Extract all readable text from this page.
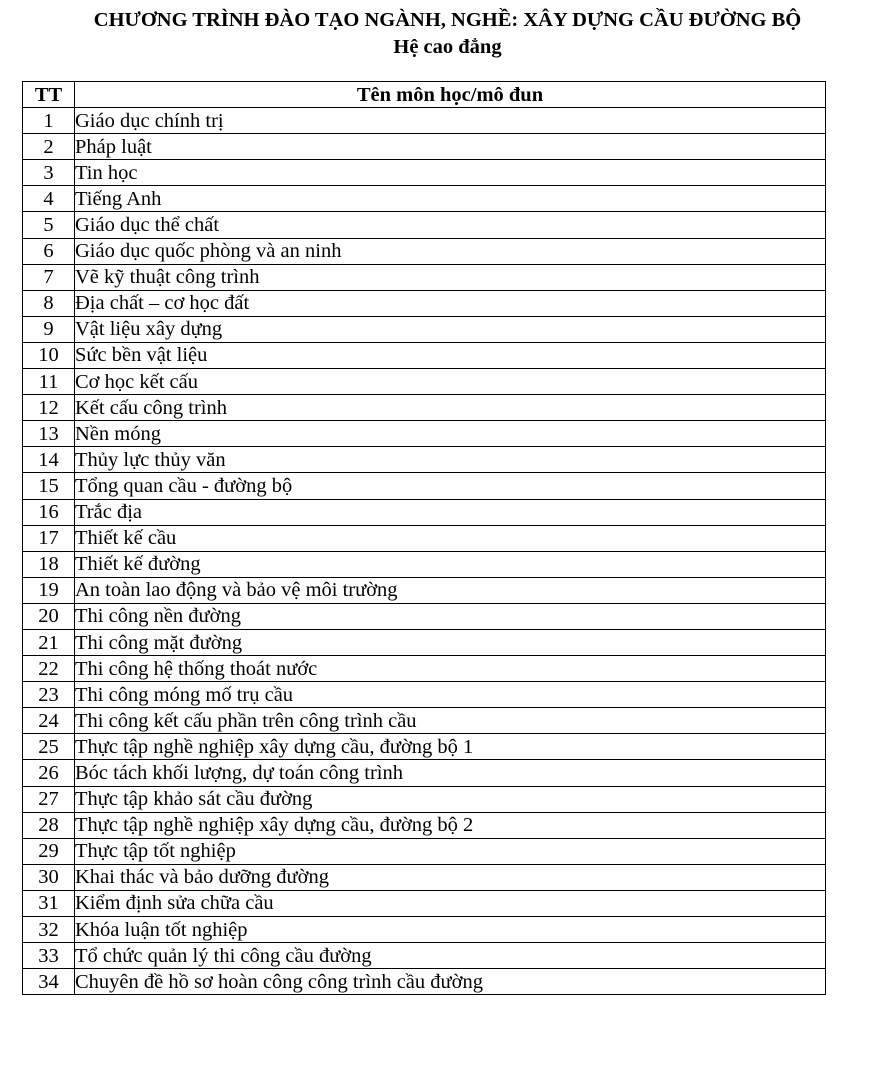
CHƯƠNG TRÌNH ĐÀO TẠO NGÀNH, NGHỀ: XÂY DỰNG CẦU ĐƯỜNG BỘ
Hệ cao đẳng
TT	Tên môn học/mô đun
1	Giáo dục chính trị
2	Pháp luật
3	Tin học
4	Tiếng Anh
5	Giáo dục thể chất
6	Giáo dục quốc phòng và an ninh
7	Vẽ kỹ thuật công trình
8	Địa chất – cơ học đất
9	Vật liệu xây dựng
10	Sức bền vật liệu
11	Cơ học kết cấu
12	Kết cấu công trình
13	Nền móng
14	Thủy lực thủy văn
15	Tổng quan cầu - đường bộ
16	Trắc địa
17	Thiết kế cầu
18	Thiết kế đường
19	An toàn lao động và bảo vệ môi trường
20	Thi công nền đường
21	Thi công mặt đường
22	Thi công hệ thống thoát nước
23	Thi công móng mố trụ cầu
24	Thi công kết cấu phần trên công trình cầu
25	Thực tập nghề nghiệp xây dựng cầu, đường bộ 1
26	Bóc tách khối lượng, dự toán công trình
27	Thực tập khảo sát cầu đường
28	Thực tập nghề nghiệp xây dựng cầu, đường bộ 2
29	Thực tập tốt nghiệp
30	Khai thác và bảo dưỡng đường
31	Kiểm định sửa chữa cầu
32	Khóa luận tốt nghiệp
33	Tổ chức quản lý thi công cầu đường
34	Chuyên đề hồ sơ hoàn công công trình cầu đường
